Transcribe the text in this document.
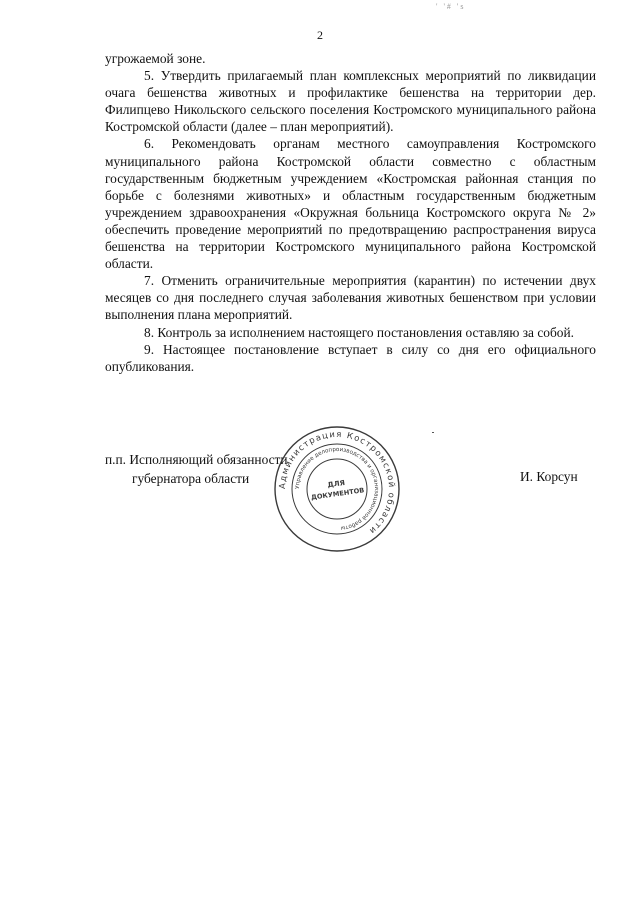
' '# 's
2

угрожаемой зоне.

5. Утвердить прилагаемый план комплексных мероприятий по ликвидации очага бешенства животных и профилактике бешенства на территории дер. Филипцево Никольского сельского поселения Костромского муниципального района Костромской области (далее – план мероприятий).

6. Рекомендовать органам местного самоуправления Костромского муниципального района Костромской области совместно с областным государственным бюджетным учреждением «Костромская районная станция по борьбе с болезнями животных» и областным государственным бюджетным учреждением здравоохранения «Окружная больница Костромского округа № 2» обеспечить проведение мероприятий по предотвращению распространения вируса бешенства на территории Костромского муниципального района Костромской области.

7. Отменить ограничительные мероприятия (карантин) по истечении двух месяцев со дня последнего случая заболевания животных бешенством при условии выполнения плана мероприятий.

8. Контроль за исполнением настоящего постановления оставляю за собой.

9. Настоящее постановление вступает в силу со дня его официального опубликования.

п.п. Исполняющий обязанности
губернатора области	И. Корсун
Администрация Костромской области
Управление делопроизводства и организационной работы
ДЛЯ
ДОКУМЕНТОВ
